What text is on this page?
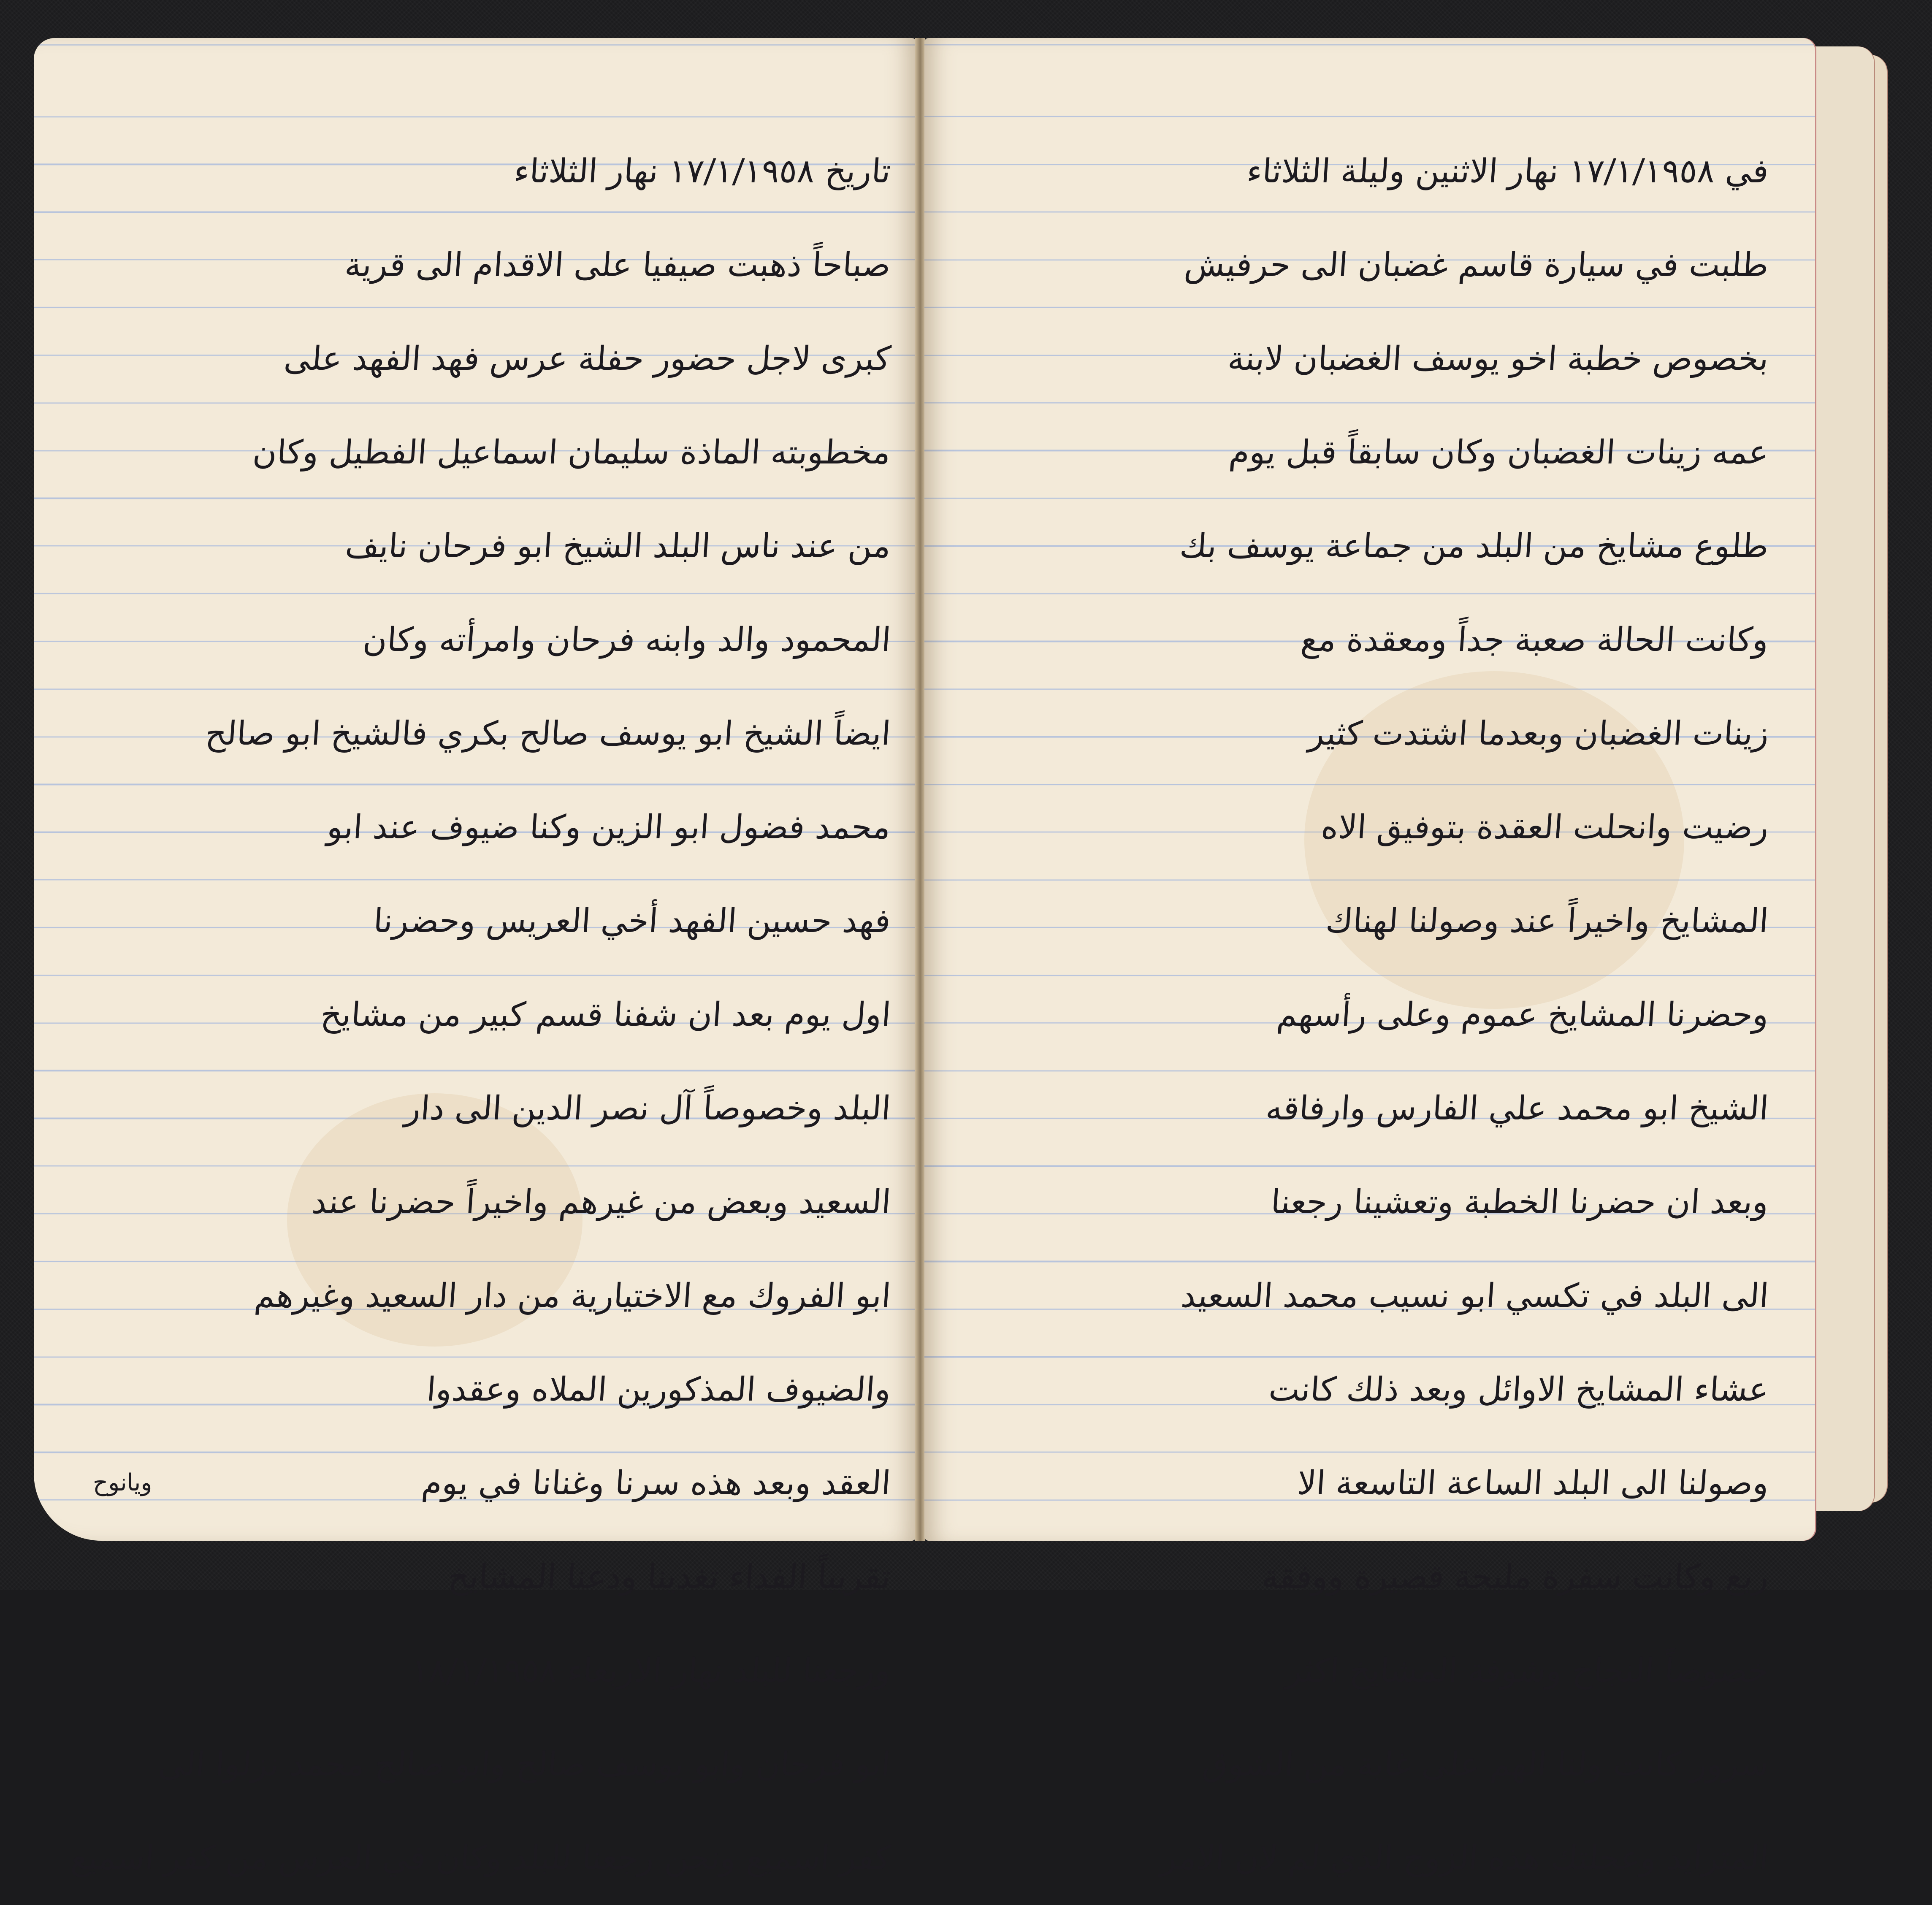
تاريخ ١٧/١/١٩٥٨ نهار الثلاثاء
صباحاً ذهبت صيفيا على الاقدام الى قرية
كبرى لاجل حضور حفلة عرس فهد الفهد على
مخطوبته الماذة سليمان اسماعيل الفطيل وكان
من عند ناس البلد الشيخ ابو فرحان نايف
المحمود والد وابنه فرحان وامرأته وكان
ايضاً الشيخ ابو يوسف صالح بكري فالشيخ ابو صالح
محمد فضول ابو الزين وكنا ضيوف عند ابو
فهد حسين الفهد أخي العريس وحضرنا
اول يوم بعد ان شفنا قسم كبير من مشايخ
البلد وخصوصاً آل نصر الدين الى دار
السعيد وبعض من غيرهم واخيراً حضرنا عند
ابو الفروك مع الاختيارية من دار السعيد وغيرهم
والضيوف المذكورين الملاه وعقدوا
العقد وبعد هذه سرنا وغنانا في يوم
تقريباً الفداء تغدينا ودعنا المشايخ
ورجعنا للبلد نهار الاربعاء ١٨/١/١٩٥٨
ابو فرحان وابو يوسف صالح وابو صالح محمد نزلوا الى
كفر اسميع ونحن رجعنا للبلد وكان في العرس من كفر اسميع
ويانوح
في ١٧/١/١٩٥٨ نهار الاثنين وليلة الثلاثاء
طلبت في سيارة قاسم غضبان الى حرفيش
بخصوص خطبة اخو يوسف الغضبان لابنة
عمه زينات الغضبان وكان سابقاً قبل يوم
طلوع مشايخ من البلد من جماعة يوسف بك
وكانت الحالة صعبة جداً ومعقدة مع
زينات الغضبان وبعدما اشتدت كثير
رضيت وانحلت العقدة بتوفيق الاه
المشايخ واخيراً عند وصولنا لهناك
وحضرنا المشايخ عموم وعلى رأسهم
الشيخ ابو محمد علي الفارس وارفاقه
وبعد ان حضرنا الخطبة وتعشينا رجعنا
الى البلد في تكسي ابو نسيب محمد السعيد
عشاء المشايخ الاوائل وبعد ذلك كانت
وصولنا الى البلد الساعة التاسعة الا
ربع وكانت سفرة مليحة قصيرة ووفقة
خصوصاً النجاح وشوفة المشايخ اكثر
سرور كانت ولنا الهم على غاية من الشوق
المترايد وعجلتك هذه الزوج الذي لم لان الامر
